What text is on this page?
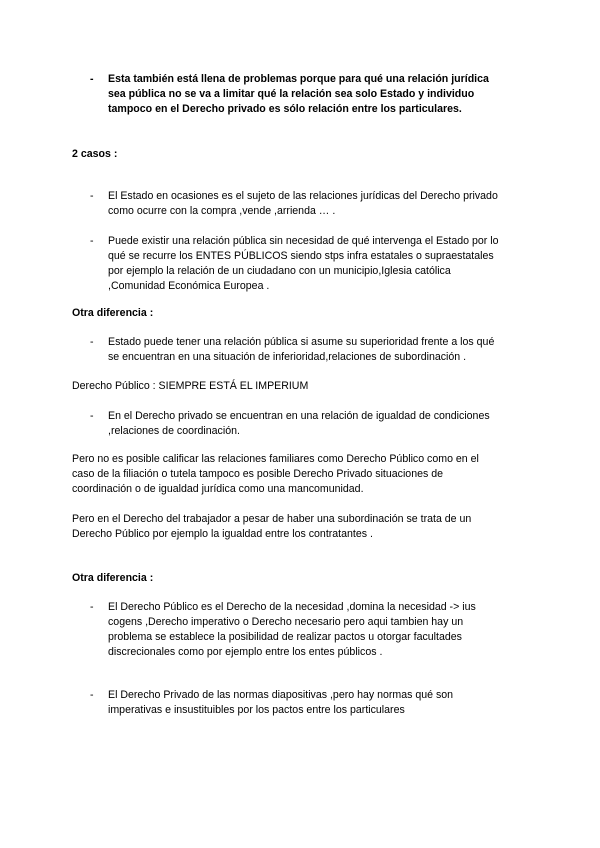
-	Esta también está llena de problemas porque para qué una relación jurídica
sea pública no se va a limitar qué la relación sea solo Estado y individuo
tampoco en el Derecho privado es sólo relación entre los particulares.
2 casos :
-	El Estado en ocasiones es el sujeto de las relaciones jurídicas del Derecho privado
como ocurre con la compra ,vende ,arrienda … .
-	Puede existir una relación pública sin necesidad de qué intervenga el Estado por lo
qué se recurre los ENTES PÚBLICOS siendo stps infra estatales o supraestatales
por ejemplo la relación de un ciudadano con un municipio,Iglesia católica
,Comunidad Económica Europea .
Otra diferencia :
-	Estado puede tener una relación pública si asume su superioridad frente a los qué
se encuentran en una situación de inferioridad,relaciones de subordinación .
Derecho Público : SIEMPRE ESTÁ EL IMPERIUM
-	En el Derecho privado se encuentran en una relación de igualdad de condiciones
,relaciones de coordinación.
Pero no es posible calificar las relaciones familiares como Derecho Público como en el
caso de la filiación o tutela tampoco es posible Derecho Privado situaciones de
coordinación o de igualdad jurídica como una mancomunidad.
Pero en el Derecho del trabajador a pesar de haber una subordinación se trata de un
Derecho Público por ejemplo la igualdad entre los contratantes .
Otra diferencia :
-	El Derecho Público es el Derecho de la necesidad ,domina la necesidad -> ius
cogens ,Derecho imperativo o Derecho necesario pero aqui tambien hay un
problema se establece la posibilidad de realizar pactos u otorgar facultades
discrecionales como por ejemplo entre los entes públicos .
-	El Derecho Privado de las normas diapositivas ,pero hay normas qué son
imperativas e insustituibles por los pactos entre los particulares
